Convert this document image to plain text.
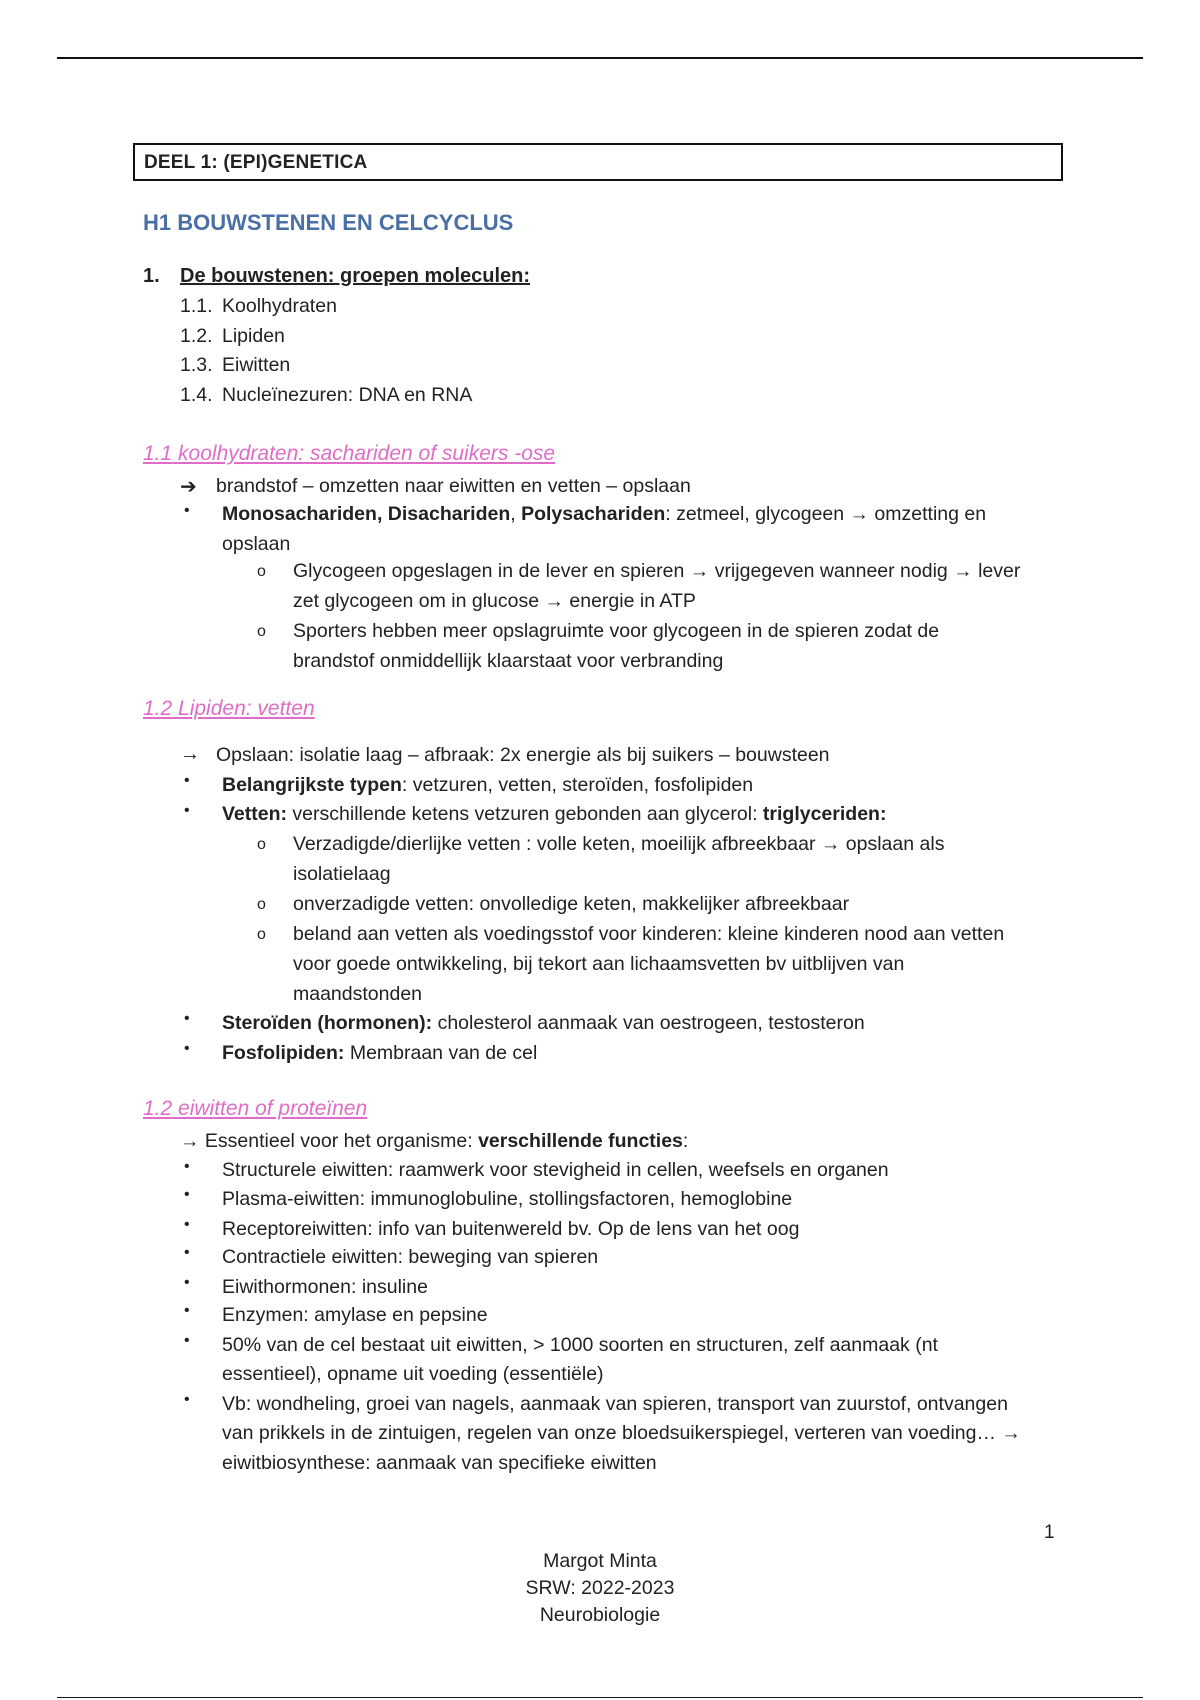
DEEL 1: (EPI)GENETICA
H1 BOUWSTENEN EN CELCYCLUS
1. De bouwstenen: groepen moleculen:
1.1. Koolhydraten
1.2. Lipiden
1.3. Eiwitten
1.4. Nucleïnezuren: DNA en RNA
1.1 koolhydraten: sachariden of suikers -ose
➔ brandstof – omzetten naar eiwitten en vetten – opslaan
• Monosachariden, Disachariden, Polysachariden: zetmeel, glycogeen → omzetting en
opslaan
o Glycogeen opgeslagen in de lever en spieren → vrijgegeven wanneer nodig → lever
zet glycogeen om in glucose → energie in ATP
o Sporters hebben meer opslagruimte voor glycogeen in de spieren zodat de
brandstof onmiddellijk klaarstaat voor verbranding
1.2 Lipiden: vetten
→ Opslaan: isolatie laag – afbraak: 2x energie als bij suikers – bouwsteen
• Belangrijkste typen: vetzuren, vetten, steroïden, fosfolipiden
• Vetten: verschillende ketens vetzuren gebonden aan glycerol: triglyceriden:
o Verzadigde/dierlijke vetten : volle keten, moeilijk afbreekbaar → opslaan als
isolatielaag
o onverzadigde vetten: onvolledige keten, makkelijker afbreekbaar
o beland aan vetten als voedingsstof voor kinderen: kleine kinderen nood aan vetten
voor goede ontwikkeling, bij tekort aan lichaamsvetten bv uitblijven van
maandstonden
• Steroïden (hormonen): cholesterol aanmaak van oestrogeen, testosteron
• Fosfolipiden: Membraan van de cel
1.2 eiwitten of proteïnen
→ Essentieel voor het organisme: verschillende functies:
• Structurele eiwitten: raamwerk voor stevigheid in cellen, weefsels en organen
• Plasma-eiwitten: immunoglobuline, stollingsfactoren, hemoglobine
• Receptoreiwitten: info van buitenwereld bv. Op de lens van het oog
• Contractiele eiwitten: beweging van spieren
• Eiwithormonen: insuline
• Enzymen: amylase en pepsine
• 50% van de cel bestaat uit eiwitten, > 1000 soorten en structuren, zelf aanmaak (nt
essentieel), opname uit voeding (essentiële)
• Vb: wondheling, groei van nagels, aanmaak van spieren, transport van zuurstof, ontvangen
van prikkels in de zintuigen, regelen van onze bloedsuikerspiegel, verteren van voeding… →
eiwitbiosynthese: aanmaak van specifieke eiwitten
1
Margot Minta
SRW: 2022-2023
Neurobiologie
